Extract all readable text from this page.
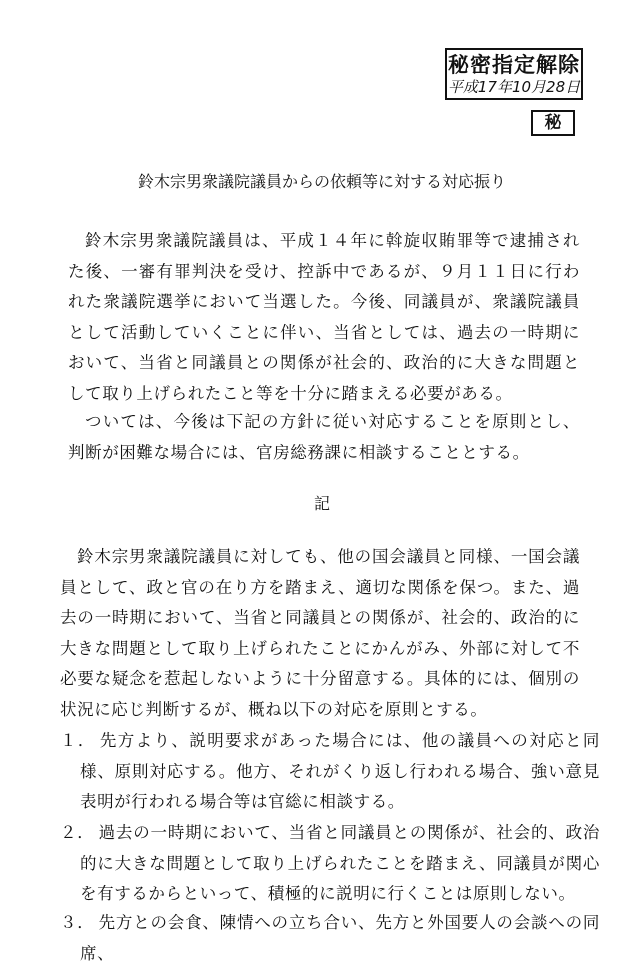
秘密指定解除
平成17年10月28日
秘
鈴木宗男衆議院議員からの依頼等に対する対応振り

鈴木宗男衆議院議員は、平成１４年に斡旋収賄罪等で逮捕された後、一審有罪判決を受け、控訴中であるが、９月１１日に行われた衆議院選挙において当選した。今後、同議員が、衆議院議員として活動していくことに伴い、当省としては、過去の一時期において、当省と同議員との関係が社会的、政治的に大きな問題として取り上げられたこと等を十分に踏まえる必要がある。

ついては、今後は下記の方針に従い対応することを原則とし、判断が困難な場合には、官房総務課に相談することとする。

記

鈴木宗男衆議院議員に対しても、他の国会議員と同様、一国会議員として、政と官の在り方を踏まえ、適切な関係を保つ。また、過去の一時期において、当省と同議員との関係が、社会的、政治的に大きな問題として取り上げられたことにかんがみ、外部に対して不必要な疑念を惹起しないように十分留意する。具体的には、個別の状況に応じ判断するが、概ね以下の対応を原則とする。

１． 先方より、説明要求があった場合には、他の議員への対応と同様、原則対応する。他方、それがくり返し行われる場合、強い意見表明が行われる場合等は官総に相談する。
２． 過去の一時期において、当省と同議員との関係が、社会的、政治的に大きな問題として取り上げられたことを踏まえ、同議員が関心を有するからといって、積極的に説明に行くことは原則しない。
３． 先方との会食、陳情への立ち合い、先方と外国要人の会談への同席、
